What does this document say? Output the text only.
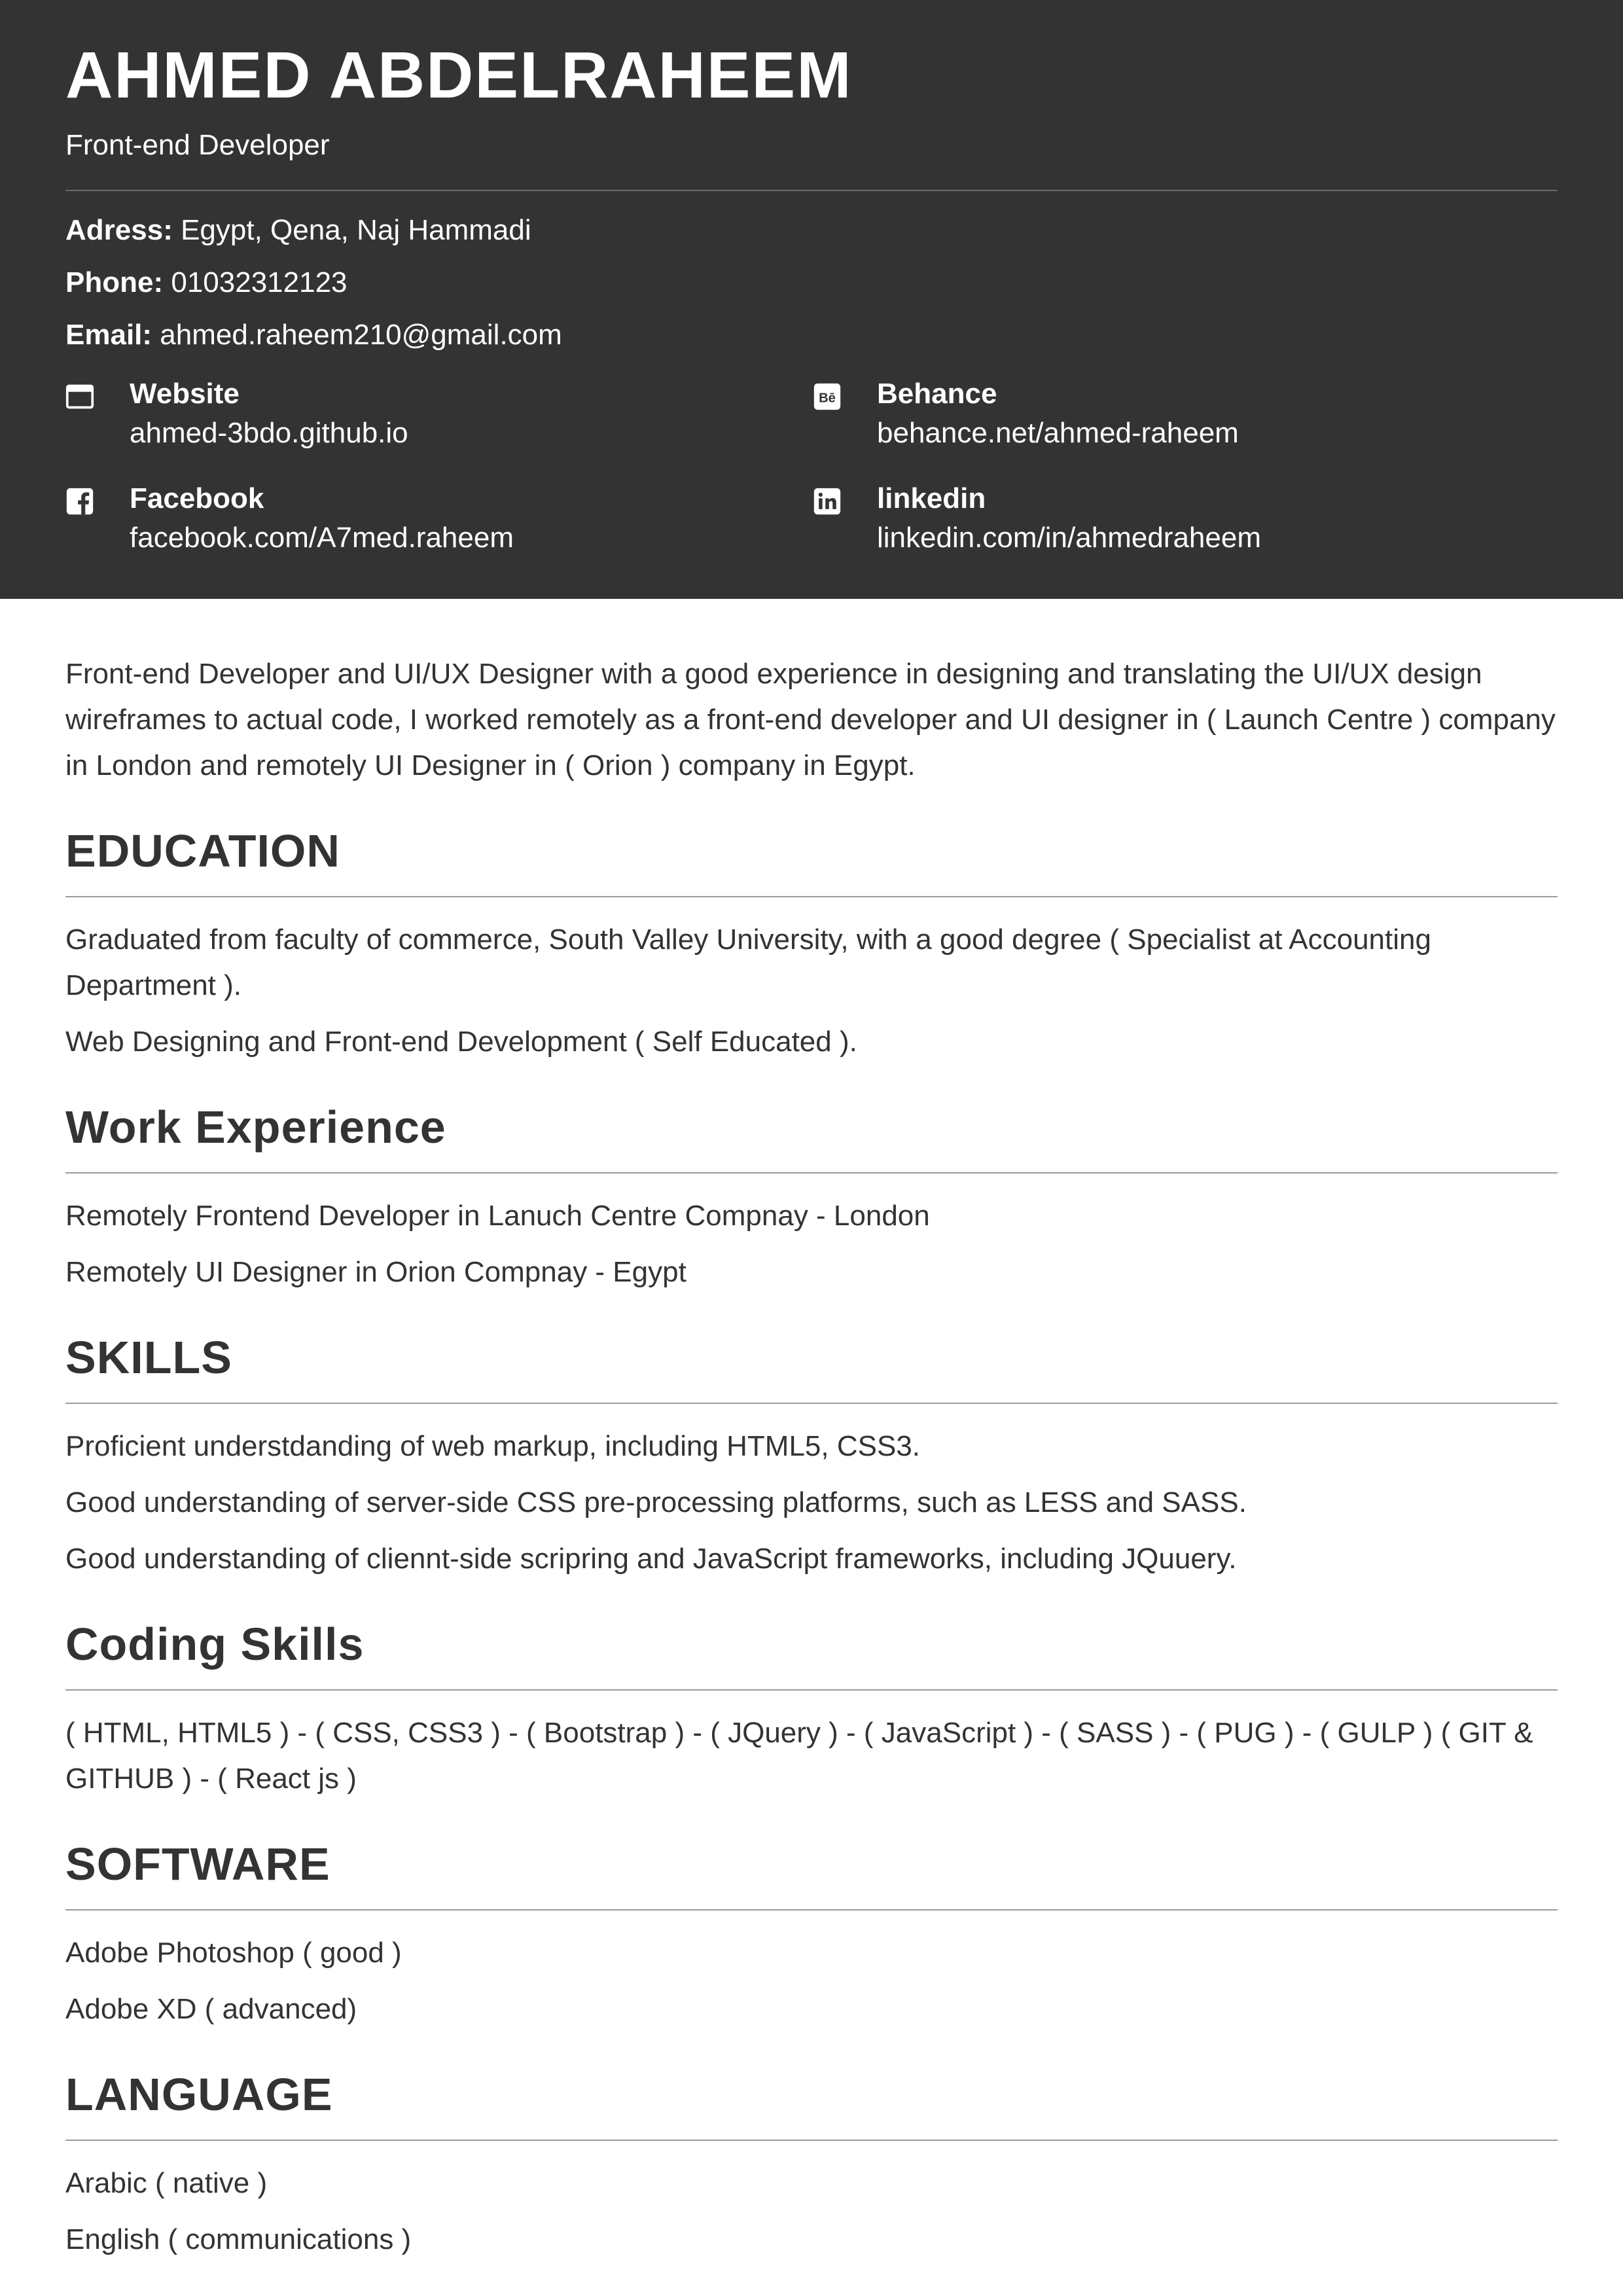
AHMED ABDELRAHEEM
Front-end Developer
Adress: Egypt, Qena, Naj Hammadi
Phone: 01032312123
Email: ahmed.raheem210@gmail.com
Website
ahmed-3bdo.github.io
Bē Behance
behance.net/ahmed-raheem
Facebook
facebook.com/A7med.raheem
linkedin
linkedin.com/in/ahmedraheem

Front-end Developer and UI/UX Designer with a good experience in designing and translating the UI/UX design wireframes to actual code, I worked remotely as a front-end developer and UI designer in ( Launch Centre ) company in London and remotely UI Designer in ( Orion ) company in Egypt.

EDUCATION

Graduated from faculty of commerce, South Valley University, with a good degree ( Specialist at Accounting Department ).

Web Designing and Front-end Development ( Self Educated ).

Work Experience

Remotely Frontend Developer in Lanuch Centre Compnay - London

Remotely UI Designer in Orion Compnay - Egypt

SKILLS

Proficient understdanding of web markup, including HTML5, CSS3.

Good understanding of server-side CSS pre-processing platforms, such as LESS and SASS.

Good understanding of cliennt-side scripring and JavaScript frameworks, including JQuuery.

Coding Skills

( HTML, HTML5 ) - ( CSS, CSS3 ) - ( Bootstrap ) - ( JQuery ) - ( JavaScript ) - ( SASS ) - ( PUG ) - ( GULP ) ( GIT & GITHUB ) - ( React js )

SOFTWARE

Adobe Photoshop ( good )

Adobe XD ( advanced)

LANGUAGE

Arabic ( native )

English ( communications )
